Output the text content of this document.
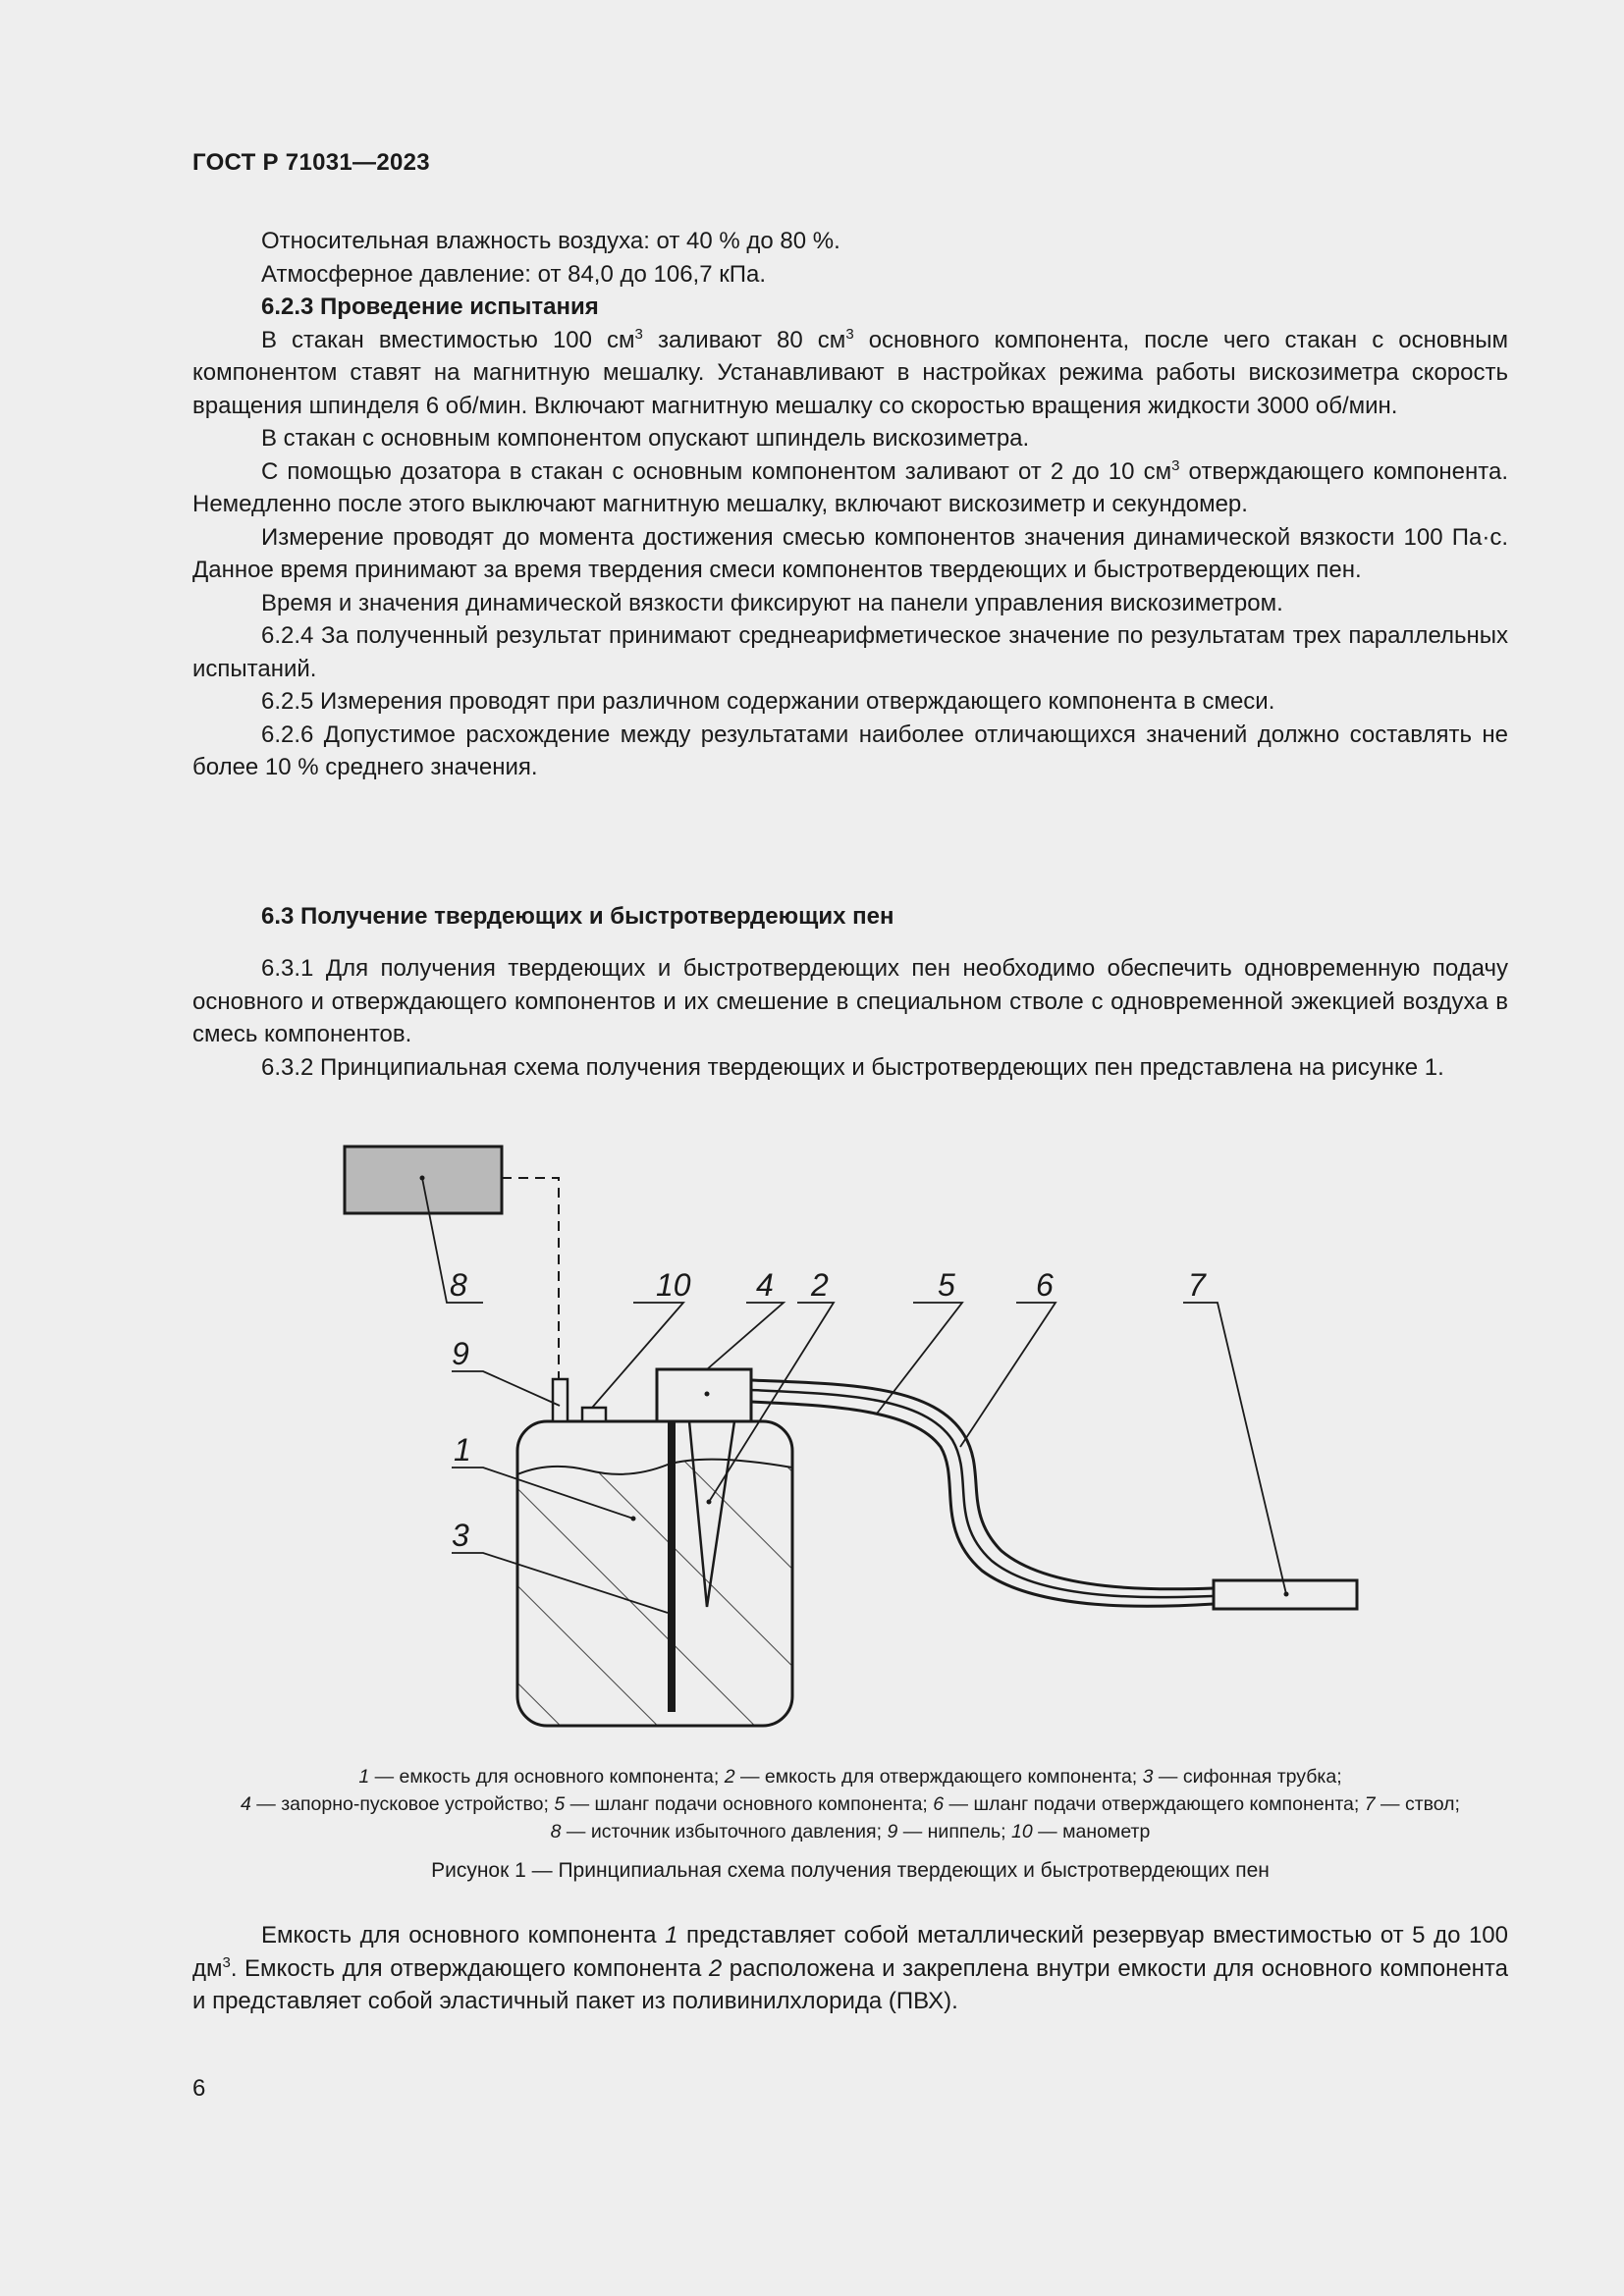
ГОСТ Р 71031—2023

Относительная влажность воздуха: от 40 % до 80 %.

Атмосферное давление: от 84,0 до 106,7 кПа.

6.2.3 Проведение испытания

В стакан вместимостью 100 $см^3$ заливают 80 $см^3$ основного компонента, после чего стакан с основным компонентом ставят на магнитную мешалку. Устанавливают в настройках режима работы вискозиметра скорость вращения шпинделя 6 об/мин. Включают магнитную мешалку со скоростью вращения жидкости 3000 об/мин.

В стакан с основным компонентом опускают шпиндель вискозиметра.

С помощью дозатора в стакан с основным компонентом заливают от 2 до 10 $см^3$ отверждающего компонента. Немедленно после этого выключают магнитную мешалку, включают вискозиметр и секундомер.

Измерение проводят до момента достижения смесью компонентов значения динамической вязкости 100 Па·с. Данное время принимают за время твердения смеси компонентов твердеющих и быстротвердеющих пен.

Время и значения динамической вязкости фиксируют на панели управления вискозиметром.

6.2.4 За полученный результат принимают среднеарифметическое значение по результатам трех параллельных испытаний.

6.2.5 Измерения проводят при различном содержании отверждающего компонента в смеси.

6.2.6 Допустимое расхождение между результатами наиболее отличающихся значений должно составлять не более 10 % среднего значения.

6.3 Получение твердеющих и быстротвердеющих пен

6.3.1 Для получения твердеющих и быстротвердеющих пен необходимо обеспечить одновременную подачу основного и отверждающего компонентов и их смешение в специальном стволе с одновременной эжекцией воздуха в смесь компонентов.

6.3.2 Принципиальная схема получения твердеющих и быстротвердеющих пен представлена на рисунке 1.

8	10 4 2	5	6	7
9
1
3
1 — емкость для основного компонента; 2 — емкость для отверждающего компонента; 3 — сифонная трубка;
4 — запорно-пусковое устройство; 5 — шланг подачи основного компонента; 6 — шланг подачи отверждающего компонента; 7 — ствол; 8 — источник избыточного давления; 9 — ниппель; 10 — манометр
Рисунок 1 — Принципиальная схема получения твердеющих и быстротвердеющих пен

Емкость для основного компонента 1 представляет собой металлический резервуар вместимостью от 5 до 100 $дм^3$. Емкость для отверждающего компонента 2 расположена и закреплена внутри емкости для основного компонента и представляет собой эластичный пакет из поливинилхлорида (ПВХ).

6
